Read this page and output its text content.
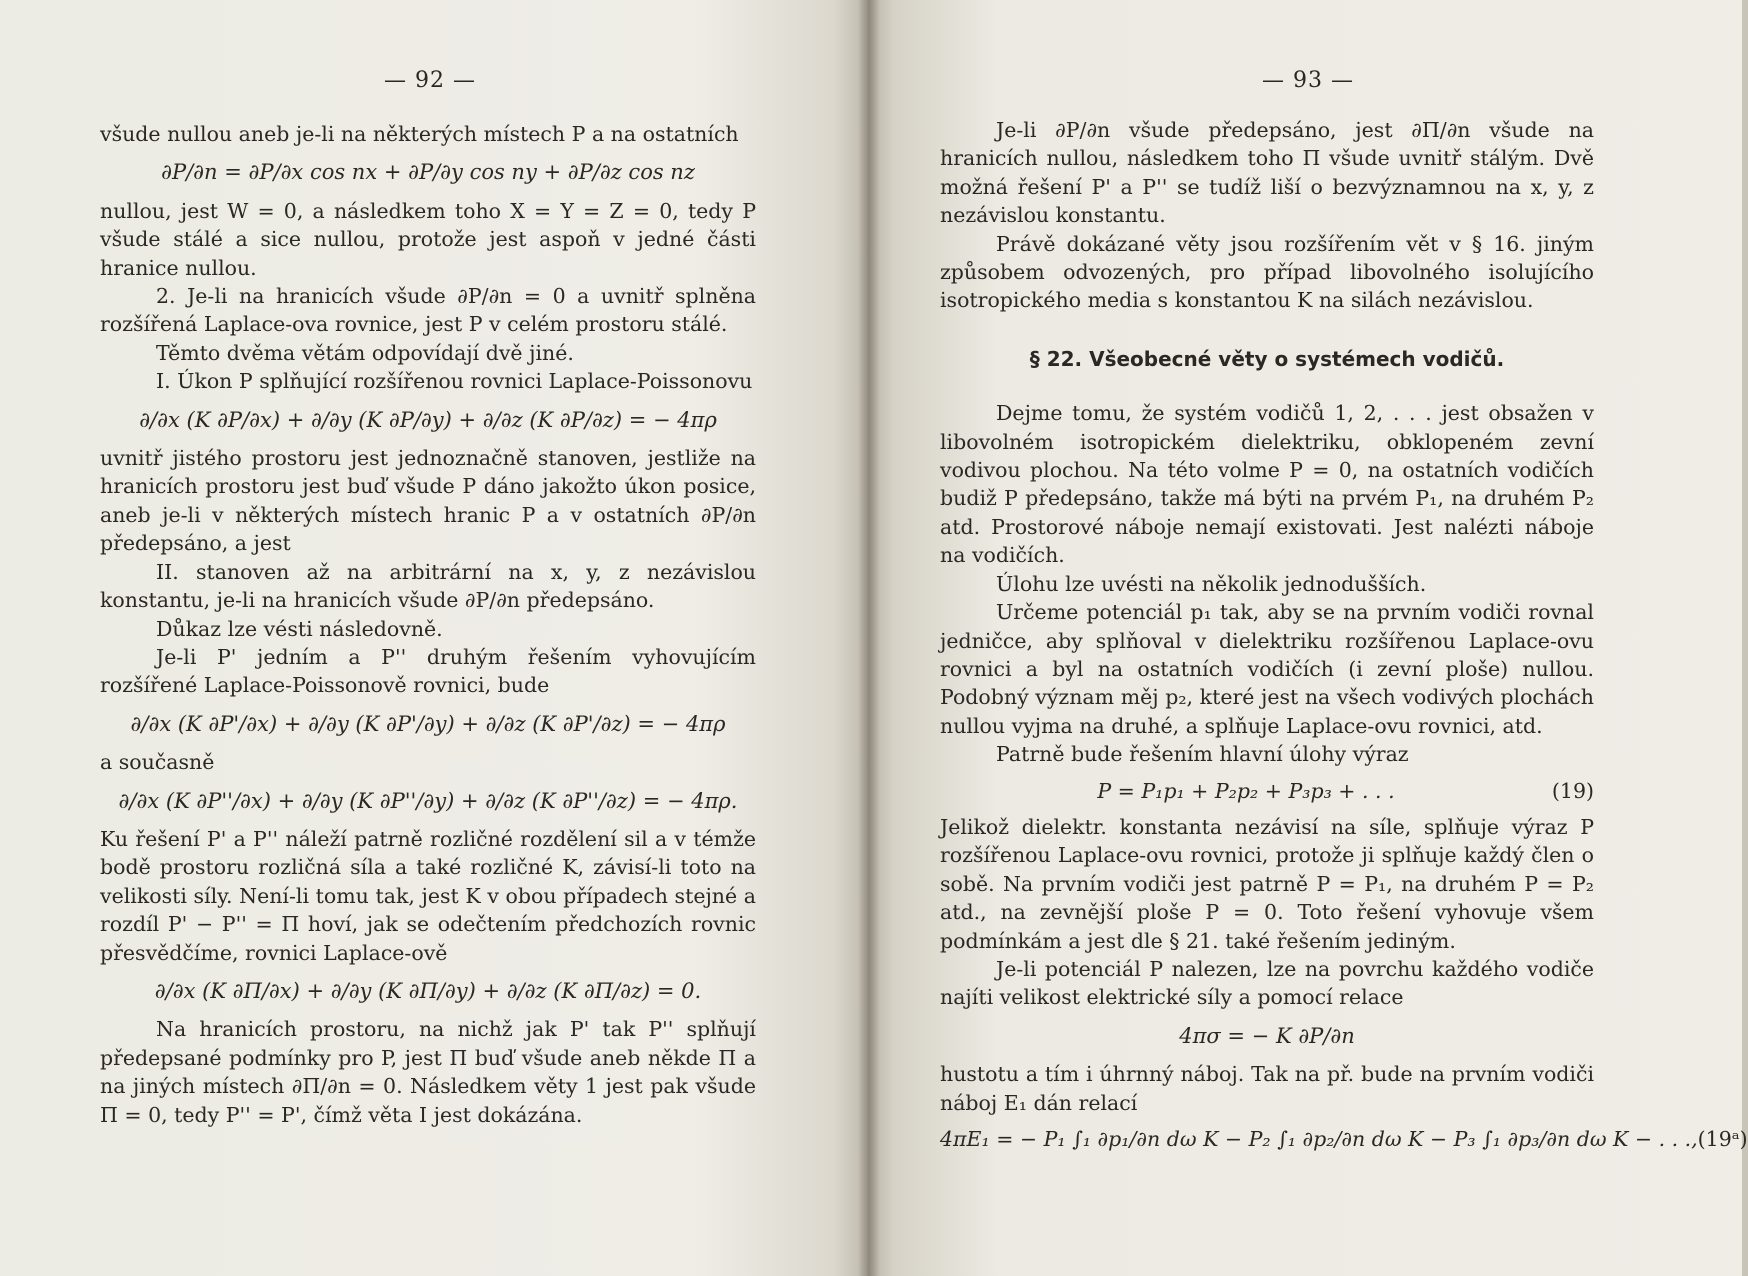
— 92 —

všude nullou aneb je-li na některých místech P a na ostatních

∂P/∂n = ∂P/∂x cos nx + ∂P/∂y cos ny + ∂P/∂z cos nz

nullou, jest W = 0, a následkem toho X = Y = Z = 0, tedy P všude stálé a sice nullou, protože jest aspoň v jedné části hranice nullou.

2. Je-li na hranicích všude ∂P/∂n = 0 a uvnitř splněna rozšířená Laplace-ova rovnice, jest P v celém prostoru stálé.

Těmto dvěma větám odpovídají dvě jiné.

I. Úkon P splňující rozšířenou rovnici Laplace-Poissonovu

∂/∂x (K ∂P/∂x) + ∂/∂y (K ∂P/∂y) + ∂/∂z (K ∂P/∂z) = − 4πρ

uvnitř jistého prostoru jest jednoznačně stanoven, jestliže na hranicích prostoru jest buď všude P dáno jakožto úkon posice, aneb je-li v některých místech hranic P a v ostatních ∂P/∂n předepsáno, a jest

II. stanoven až na arbitrární na x, y, z nezávislou konstantu, je-li na hranicích všude ∂P/∂n předepsáno.

Důkaz lze vésti následovně.

Je-li P' jedním a P'' druhým řešením vyhovujícím rozšířené Laplace-Poissonově rovnici, bude

∂/∂x (K ∂P'/∂x) + ∂/∂y (K ∂P'/∂y) + ∂/∂z (K ∂P'/∂z) = − 4πρ

a současně

∂/∂x (K ∂P''/∂x) + ∂/∂y (K ∂P''/∂y) + ∂/∂z (K ∂P''/∂z) = − 4πρ.

Ku řešení P' a P'' náleží patrně rozličné rozdělení sil a v témže bodě prostoru rozličná síla a také rozličné K, závisí-li toto na velikosti síly. Není-li tomu tak, jest K v obou případech stejné a rozdíl P' − P'' = Π hoví, jak se odečtením předchozích rovnic přesvědčíme, rovnici Laplace-ově

∂/∂x (K ∂Π/∂x) + ∂/∂y (K ∂Π/∂y) + ∂/∂z (K ∂Π/∂z) = 0.

Na hranicích prostoru, na nichž jak P' tak P'' splňují předepsané podmínky pro P, jest Π buď všude aneb někde Π a na jiných místech ∂Π/∂n = 0. Následkem věty 1 jest pak všude Π = 0, tedy P'' = P', čímž věta I jest dokázána.

— 93 —

Je-li ∂P/∂n všude předepsáno, jest ∂Π/∂n všude na hranicích nullou, následkem toho Π všude uvnitř stálým. Dvě možná řešení P' a P'' se tudíž liší o bezvýznamnou na x, y, z nezávislou konstantu.

Právě dokázané věty jsou rozšířením vět v § 16. jiným způsobem odvozených, pro případ libovolného isolujícího isotropického media s konstantou K na silách nezávislou.

§ 22. Všeobecné věty o systémech vodičů.

Dejme tomu, že systém vodičů 1, 2, . . . jest obsažen v libovolném isotropickém dielektriku, obklopeném zevní vodivou plochou. Na této volme P = 0, na ostatních vodičích budiž P předepsáno, takže má býti na prvém P₁, na druhém P₂ atd. Prostorové náboje nemají existovati. Jest nalézti náboje na vodičích.

Úlohu lze uvésti na několik jednodušších.

Určeme potenciál p₁ tak, aby se na prvním vodiči rovnal jedničce, aby splňoval v dielektriku rozšířenou Laplace-ovu rovnici a byl na ostatních vodičích (i zevní ploše) nullou. Podobný význam měj p₂, které jest na všech vodivých plochách nullou vyjma na druhé, a splňuje Laplace-ovu rovnici, atd.

Patrně bude řešením hlavní úlohy výraz

P = P₁p₁ + P₂p₂ + P₃p₃ + . . .	(19)

Jelikož dielektr. konstanta nezávisí na síle, splňuje výraz P rozšířenou Laplace-ovu rovnici, protože ji splňuje každý člen o sobě. Na prvním vodiči jest patrně P = P₁, na druhém P = P₂ atd., na zevnější ploše P = 0. Toto řešení vyhovuje všem podmínkám a jest dle § 21. také řešením jediným.

Je-li potenciál P nalezen, lze na povrchu každého vodiče najíti velikost elektrické síly a pomocí relace

4πσ = − K ∂P/∂n

hustotu a tím i úhrnný náboj. Tak na př. bude na prvním vodiči náboj E₁ dán relací

4πE₁ = − P₁ ∫₁ ∂p₁/∂n dω K − P₂ ∫₁ ∂p₂/∂n dω K − P₃ ∫₁ ∂p₃/∂n dω K − . . ., (19ᵃ)
